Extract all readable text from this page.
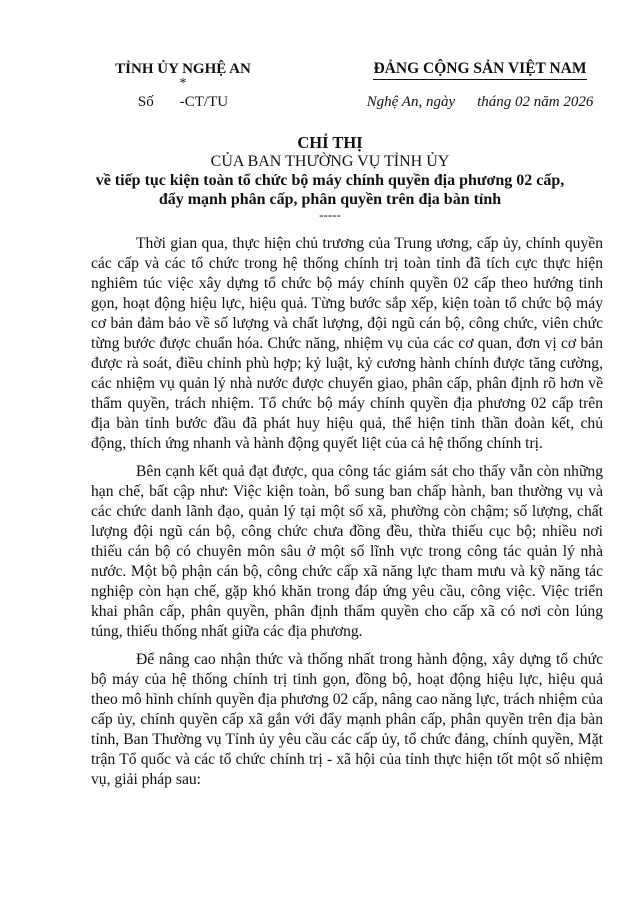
TỈNH ỦY NGHỆ AN
*
Số -CT/TU
ĐẢNG CỘNG SẢN VIỆT NAM
Nghệ An, ngày tháng 02 năm 2026
CHỈ THỊ
CỦA BAN THƯỜNG VỤ TỈNH ỦY
về tiếp tục kiện toàn tổ chức bộ máy chính quyền địa phương 02 cấp,
đẩy mạnh phân cấp, phân quyền trên địa bàn tỉnh
-----

Thời gian qua, thực hiện chủ trương của Trung ương, cấp ủy, chính quyền các cấp và các tổ chức trong hệ thống chính trị toàn tỉnh đã tích cực thực hiện nghiêm túc việc xây dựng tổ chức bộ máy chính quyền 02 cấp theo hướng tinh gọn, hoạt động hiệu lực, hiệu quả. Từng bước sắp xếp, kiện toàn tổ chức bộ máy cơ bản đảm bảo về số lượng và chất lượng, đội ngũ cán bộ, công chức, viên chức từng bước được chuẩn hóa. Chức năng, nhiệm vụ của các cơ quan, đơn vị cơ bản được rà soát, điều chỉnh phù hợp; kỷ luật, kỷ cương hành chính được tăng cường, các nhiệm vụ quản lý nhà nước được chuyển giao, phân cấp, phân định rõ hơn về thẩm quyền, trách nhiệm. Tổ chức bộ máy chính quyền địa phương 02 cấp trên địa bàn tỉnh bước đầu đã phát huy hiệu quả, thể hiện tinh thần đoàn kết, chủ động, thích ứng nhanh và hành động quyết liệt của cả hệ thống chính trị.

Bên cạnh kết quả đạt được, qua công tác giám sát cho thấy vẫn còn những hạn chế, bất cập như: Việc kiện toàn, bổ sung ban chấp hành, ban thường vụ và các chức danh lãnh đạo, quản lý tại một số xã, phường còn chậm; số lượng, chất lượng đội ngũ cán bộ, công chức chưa đồng đều, thừa thiếu cục bộ; nhiều nơi thiếu cán bộ có chuyên môn sâu ở một số lĩnh vực trong công tác quản lý nhà nước. Một bộ phận cán bộ, công chức cấp xã năng lực tham mưu và kỹ năng tác nghiệp còn hạn chế, gặp khó khăn trong đáp ứng yêu cầu, công việc. Việc triển khai phân cấp, phân quyền, phân định thẩm quyền cho cấp xã có nơi còn lúng túng, thiếu thống nhất giữa các địa phương.

Để nâng cao nhận thức và thống nhất trong hành động, xây dựng tổ chức bộ máy của hệ thống chính trị tinh gọn, đồng bộ, hoạt động hiệu lực, hiệu quả theo mô hình chính quyền địa phương 02 cấp, nâng cao năng lực, trách nhiệm của cấp ủy, chính quyền cấp xã gắn với đẩy mạnh phân cấp, phân quyền trên địa bàn tỉnh, Ban Thường vụ Tỉnh ủy yêu cầu các cấp ủy, tổ chức đảng, chính quyền, Mặt trận Tổ quốc và các tổ chức chính trị - xã hội của tỉnh thực hiện tốt một số nhiệm vụ, giải pháp sau:
